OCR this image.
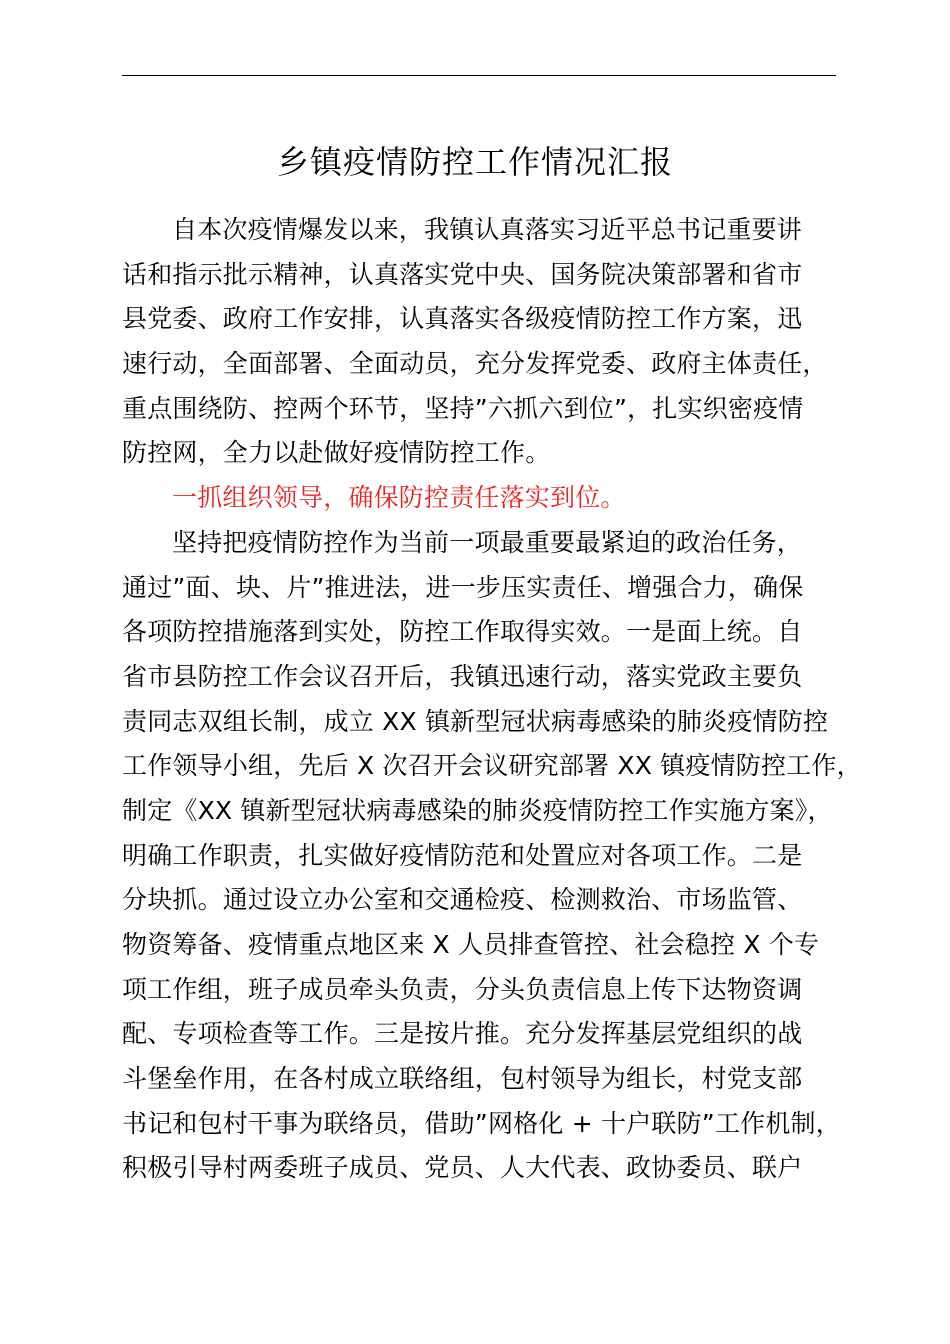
乡镇疫情防控工作情况汇报
自本次疫情爆发以来，我镇认真落实习近平总书记重要讲
话和指示批示精神，认真落实党中央、国务院决策部署和省市
县党委、政府工作安排，认真落实各级疫情防控工作方案，迅
速行动，全面部署、全面动员，充分发挥党委、政府主体责任，
重点围绕防、控两个环节，坚持”六抓六到位”，扎实织密疫情
防控网，全力以赴做好疫情防控工作。
一抓组织领导，确保防控责任落实到位。
坚持把疫情防控作为当前一项最重要最紧迫的政治任务，
通过”面、块、片”推进法，进一步压实责任、增强合力，确保
各项防控措施落到实处，防控工作取得实效。一是面上统。自
省市县防控工作会议召开后，我镇迅速行动，落实党政主要负
责同志双组长制，成立 XX 镇新型冠状病毒感染的肺炎疫情防控
工作领导小组，先后 X 次召开会议研究部署 XX 镇疫情防控工作，
制定《XX 镇新型冠状病毒感染的肺炎疫情防控工作实施方案》，
明确工作职责，扎实做好疫情防范和处置应对各项工作。二是
分块抓。通过设立办公室和交通检疫、检测救治、市场监管、
物资筹备、疫情重点地区来 X 人员排查管控、社会稳控 X 个专
项工作组，班子成员牵头负责，分头负责信息上传下达物资调
配、专项检查等工作。三是按片推。充分发挥基层党组织的战
斗堡垒作用，在各村成立联络组，包村领导为组长，村党支部
书记和包村干事为联络员，借助”网格化 + 十户联防”工作机制，
积极引导村两委班子成员、党员、人大代表、政协委员、联户
